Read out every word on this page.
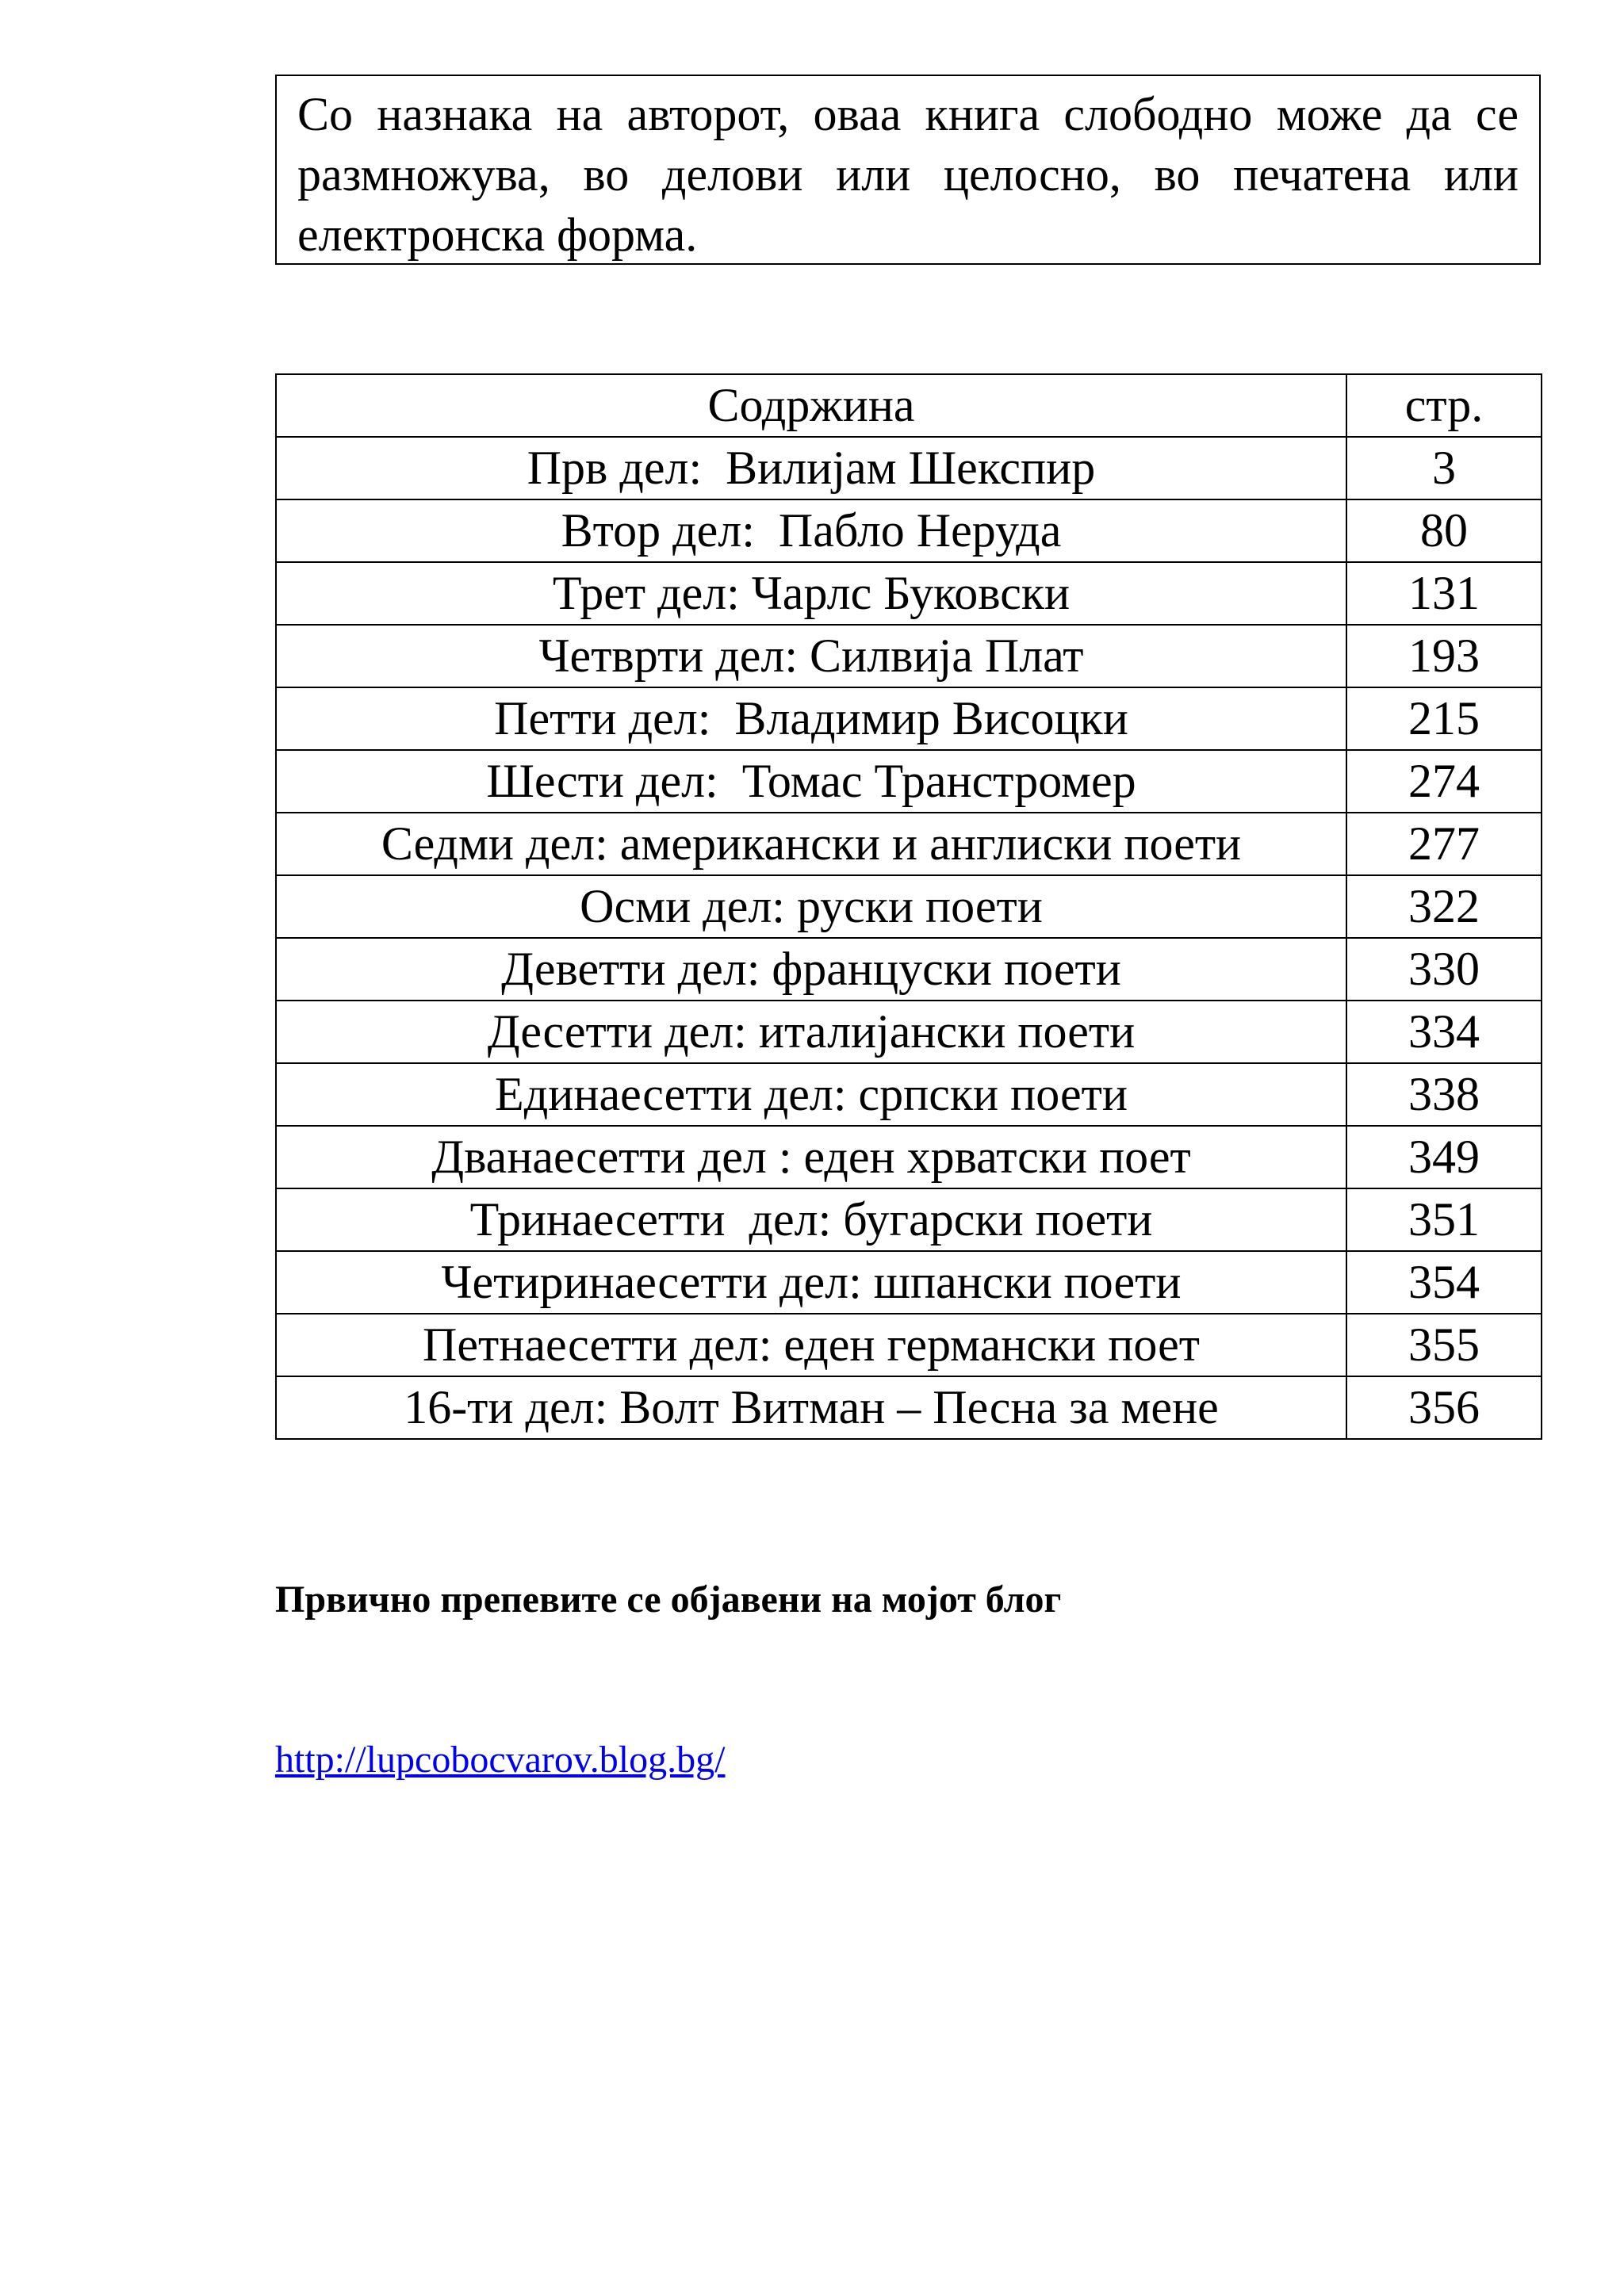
Со назнака на авторот, оваа книга слободно може да се размножува, во делови или целосно, во печатена или електронска форма.
Содржина	стр.
Прв дел:  Вилијам Шекспир	3
Втор дел:  Пабло Неруда	80
Трет дел: Чарлс Буковски	131
Четврти дел: Силвија Плат	193
Петти дел:  Владимир Висоцки	215
Шести дел:  Томас Транстромер	274
Седми дел: американски и англиски поети	277
Осми дел: руски поети	322
Деветти дел: француски поети	330
Десетти дел: италијански поети	334
Единаесетти дел: српски поети	338
Дванаесетти дел : еден хрватски поет	349
Тринаесетти  дел: бугарски поети	351
Четиринаесетти дел: шпански поети	354
Петнаесетти дел: еден германски поет	355
16-ти дел: Волт Витман – Песна за мене	356
Првично препевите се објавени на мојот блог
http://lupcobocvarov.blog.bg/
